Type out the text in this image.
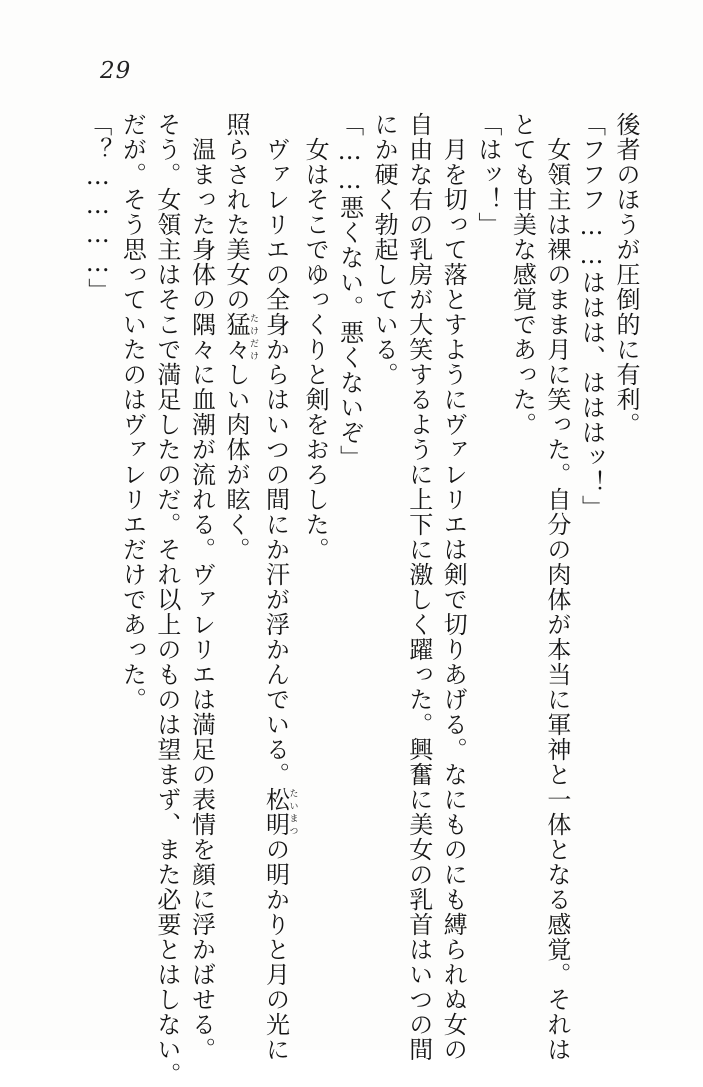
29
後者のほうが圧倒的に有利。
「フフフ……ははは、はははッ！」
　女領主は裸のまま月に笑った。自分の肉体が本当に軍神と一体となる感覚。それは
とても甘美な感覚であった。
「はッ！」
　月を切って落とすようにヴァレリエは剣で切りあげる。なにものにも縛られぬ女の
自由な右の乳房が大笑するように上下に激しく躍った。興奮に美女の乳首はいつの間
にか硬く勃起している。
「……悪くない。悪くないぞ」
　女はそこでゆっくりと剣をおろした。
　ヴァレリエの全身からはいつの間にか汗が浮かんでいる。松明たいまつの明かりと月の光に
照らされた美女の猛々たけだけしい肉体が眩く。
　温まった身体の隅々に血潮が流れる。ヴァレリエは満足の表情を顔に浮かばせる。
そう。女領主はそこで満足したのだ。それ以上のものは望まず、また必要とはしない。
だが。そう思っていたのはヴァレリエだけであった。
「？…………」
